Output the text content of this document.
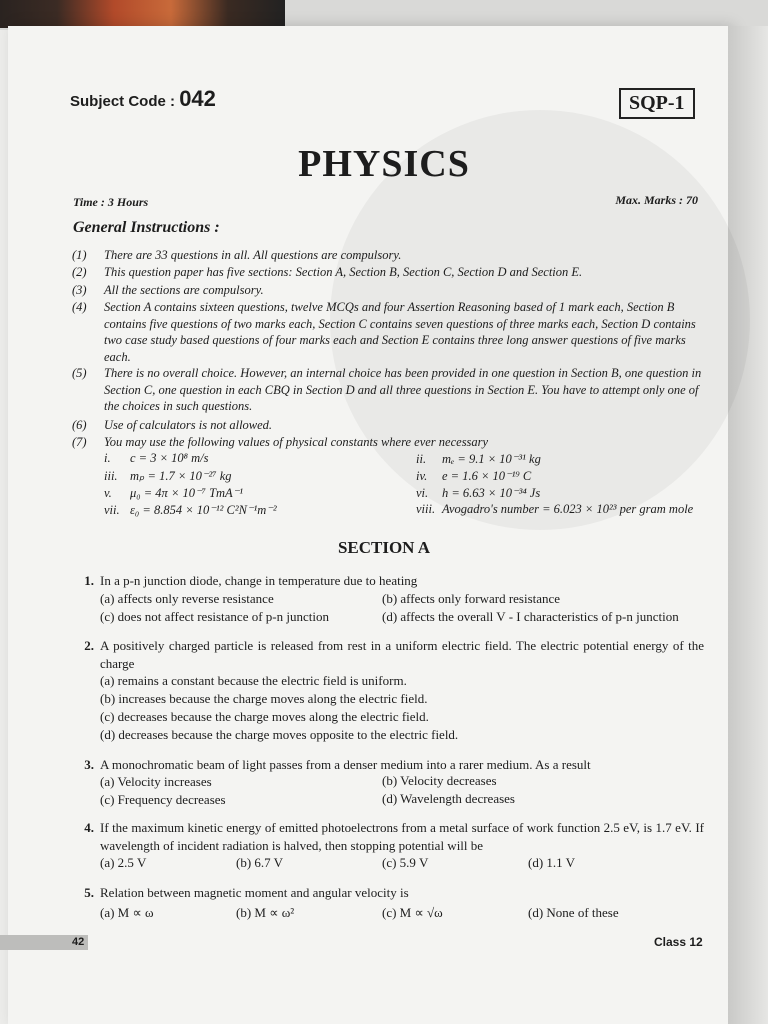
Subject Code : 042	SQP-1
PHYSICS
Time : 3 Hours	Max. Marks : 70
General Instructions :
(1) There are 33 questions in all. All questions are compulsory.
(2) This question paper has five sections: Section A, Section B, Section C, Section D and Section E.
(3) All the sections are compulsory.
(4) Section A contains sixteen questions, twelve MCQs and four Assertion Reasoning based of 1 mark each, Section B contains five questions of two marks each, Section C contains seven questions of three marks each, Section D contains two case study based questions of four marks each and Section E contains three long answer questions of five marks each.
(5) There is no overall choice. However, an internal choice has been provided in one question in Section B, one question in Section C, one question in each CBQ in Section D and all three questions in Section E. You have to attempt only one of the choices in such questions.
(6) Use of calculators is not allowed.
(7) You may use the following values of physical constants where ever necessary
i. c = 3 × 10⁸ m/s	ii. mₑ = 9.1 × 10⁻³¹ kg
iii. mₚ = 1.7 × 10⁻²⁷ kg	iv. e = 1.6 × 10⁻¹⁹ C
v. μ₀ = 4π × 10⁻⁷ TmA⁻¹	vi. h = 6.63 × 10⁻³⁴ Js
vii. ε₀ = 8.854 × 10⁻¹² C²N⁻¹m⁻²	viii. Avogadro's number = 6.023 × 10²³ per gram mole
SECTION A
1. In a p-n junction diode, change in temperature due to heating
(a) affects only reverse resistance	(b) affects only forward resistance
(c) does not affect resistance of p-n junction	(d) affects the overall V - I characteristics of p-n junction
2. A positively charged particle is released from rest in a uniform electric field. The electric potential energy of the charge
(a) remains a constant because the electric field is uniform.
(b) increases because the charge moves along the electric field.
(c) decreases because the charge moves along the electric field.
(d) decreases because the charge moves opposite to the electric field.
3. A monochromatic beam of light passes from a denser medium into a rarer medium. As a result
(a) Velocity increases	(b) Velocity decreases
(c) Frequency decreases	(d) Wavelength decreases
4. If the maximum kinetic energy of emitted photoelectrons from a metal surface of work function 2.5 eV, is 1.7 eV. If wavelength of incident radiation is halved, then stopping potential will be
(a) 2.5 V	(b) 6.7 V	(c) 5.9 V	(d) 1.1 V
5. Relation between magnetic moment and angular velocity is
(a) M ∝ ω	(b) M ∝ ω²	(c) M ∝ √ω	(d) None of these
42	Class 12
